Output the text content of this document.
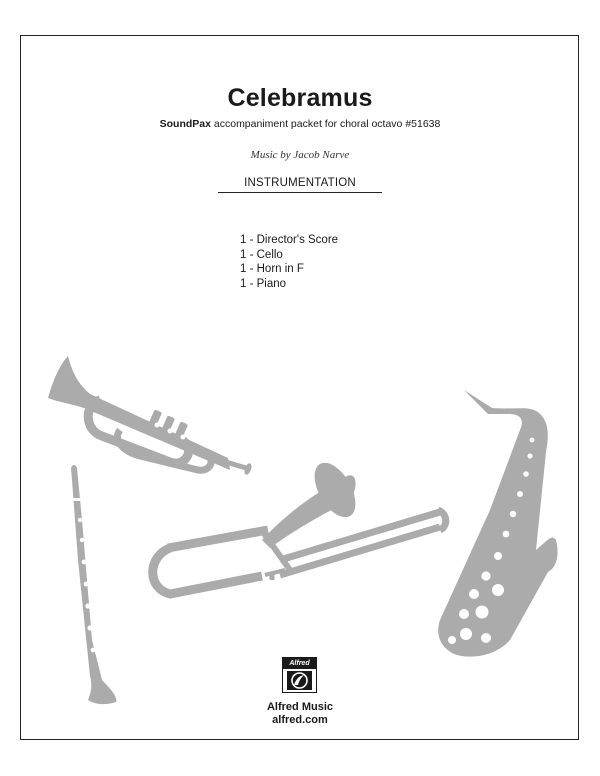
Celebramus
SoundPax accompaniment packet for choral octavo #51638
Music by Jacob Narve
INSTRUMENTATION
1 - Director's Score
1 - Cello
1 - Horn in F
1 - Piano
Alfred
Alfred Music
alfred.com
